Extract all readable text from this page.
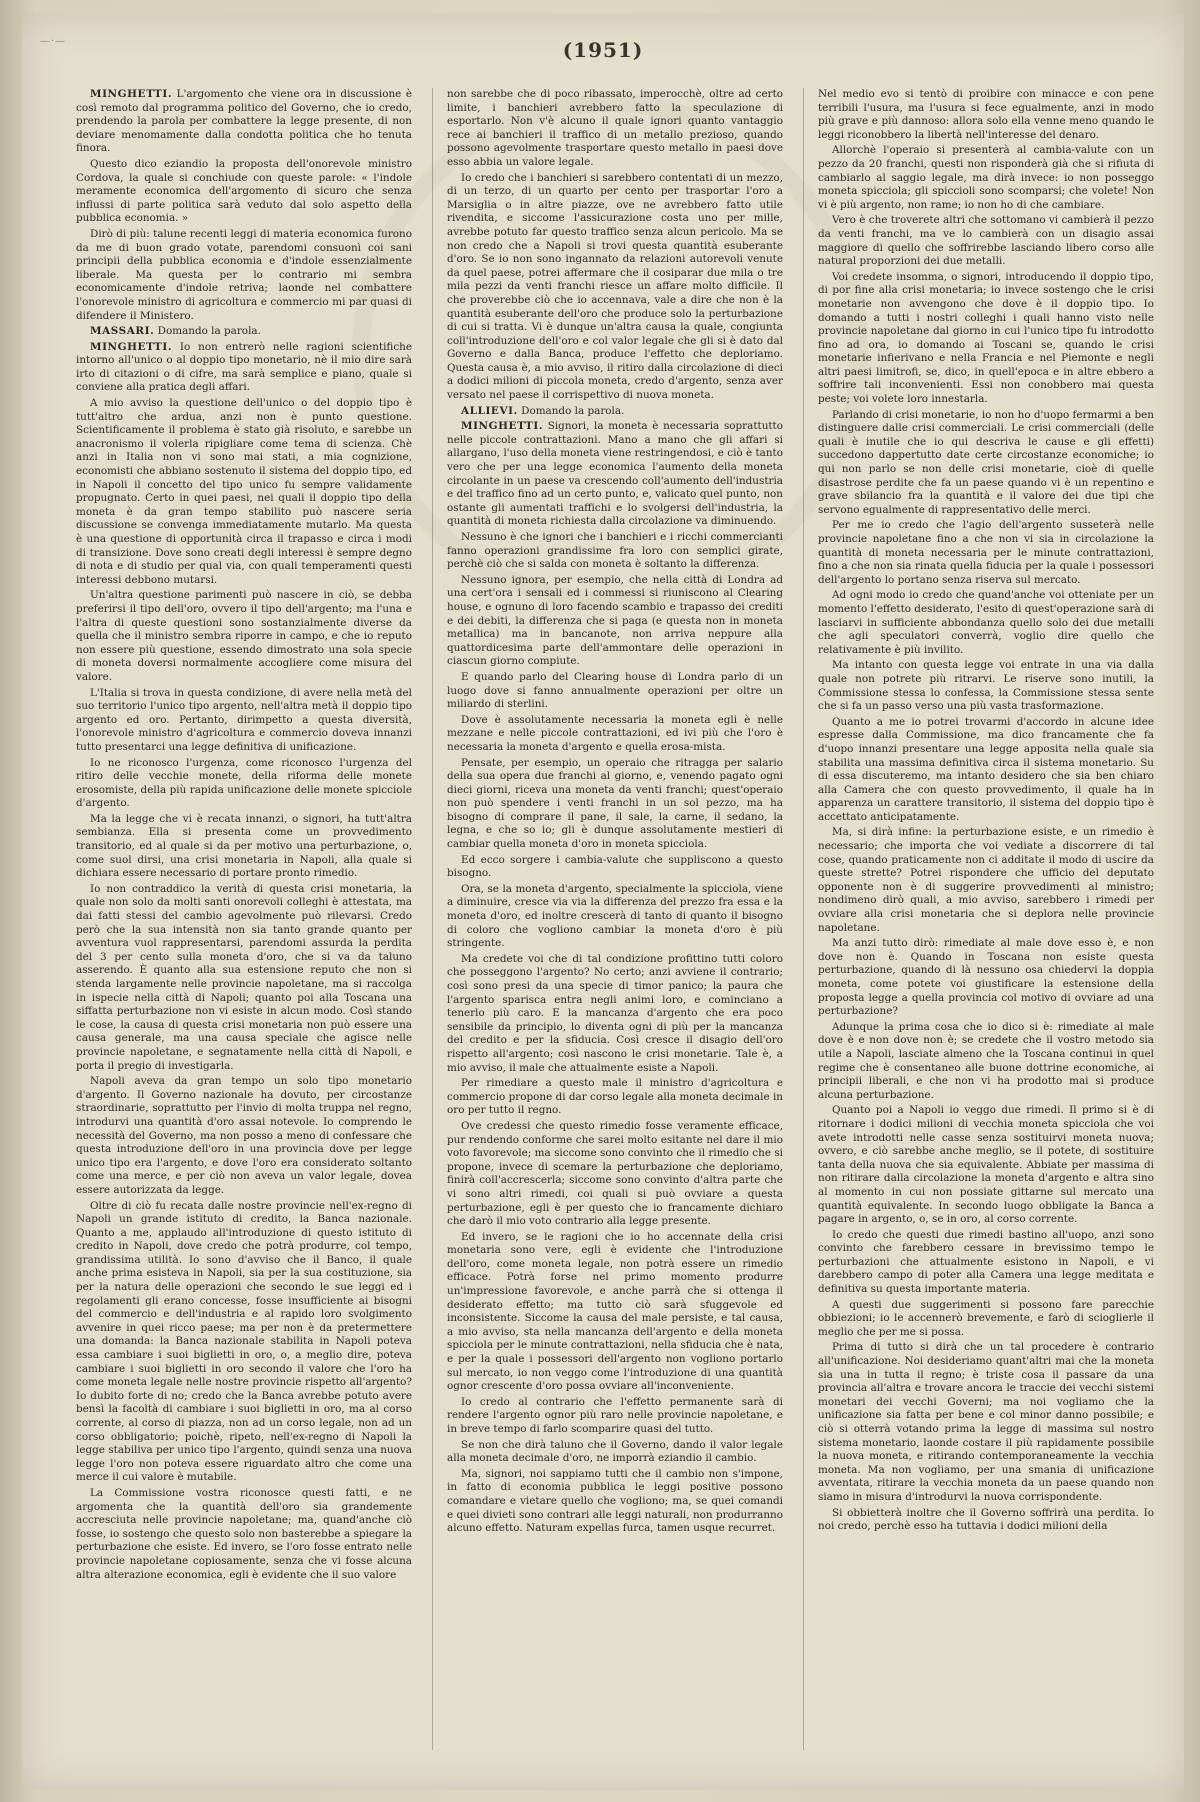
—·—	(1951)

MINGHETTI. L'argomento che viene ora in discussione è così remoto dal programma politico del Governo, che io credo, prendendo la parola per combattere la legge presente, di non deviare menomamente dalla condotta politica che ho tenuta finora.

Questo dico eziandio la proposta dell'onorevole ministro Cordova, la quale si conchiude con queste parole: « l'indole meramente economica dell'argomento di sicuro che senza influssi di parte politica sarà veduto dal solo aspetto della pubblica economia. »

Dirò di più: talune recenti leggi di materia economica furono da me di buon grado votate, parendomi consuonì coi sani principii della pubblica economia e d'indole essenzialmente liberale. Ma questa per lo contrario mi sembra economicamente d'indole retriva; laonde nel combattere l'onorevole ministro di agricoltura e commercio mi par quasi di difendere il Ministero.

MASSARI. Domando la parola.

MINGHETTI. Io non entrerò nelle ragioni scientifiche intorno all'unico o al doppio tipo monetario, nè il mio dire sarà irto di citazioni o di cifre, ma sarà semplice e piano, quale si conviene alla pratica degli affari.

A mio avviso la questione dell'unico o del doppio tipo è tutt'altro che ardua, anzi non è punto questione. Scientificamente il problema è stato già risoluto, e sarebbe un anacronismo il volerla ripigliare come tema di scienza. Chè anzi in Italia non vi sono mai stati, a mia cognizione, economisti che abbiano sostenuto il sistema del doppio tipo, ed in Napoli il concetto del tipo unico fu sempre validamente propugnato. Certo in quei paesi, nei quali il doppio tipo della moneta è da gran tempo stabilito può nascere seria discussione se convenga immediatamente mutarlo. Ma questa è una questione di opportunità circa il trapasso e circa i modi di transizione. Dove sono creati degli interessi è sempre degno di nota e di studio per qual via, con quali temperamenti questi interessi debbono mutarsi.

Un'altra questione parimenti può nascere in ciò, se debba preferirsi il tipo dell'oro, ovvero il tipo dell'argento; ma l'una e l'altra di queste questioni sono sostanzialmente diverse da quella che il ministro sembra riporre in campo, e che io reputo non essere più questione, essendo dimostrato una sola specie di moneta doversi normalmente accogliere come misura del valore.

L'Italia si trova in questa condizione, di avere nella metà del suo territorio l'unico tipo argento, nell'altra metà il doppio tipo argento ed oro. Pertanto, dirimpetto a questa diversità, l'onorevole ministro d'agricoltura e commercio doveva innanzi tutto presentarci una legge definitiva di unificazione.

Io ne riconosco l'urgenza, come riconosco l'urgenza del ritiro delle vecchie monete, della riforma delle monete erosomiste, della più rapida unificazione delle monete spicciole d'argento.

Ma la legge che vi è recata innanzi, o signori, ha tutt'altra sembianza. Ella si presenta come un provvedimento transitorio, ed al quale si da per motivo una perturbazione, o, come suol dirsi, una crisi monetaria in Napoli, alla quale si dichiara essere necessario di portare pronto rimedio.

Io non contraddico la verità di questa crisi monetaria, la quale non solo da molti santi onorevoli colleghi è attestata, ma dai fatti stessi del cambio agevolmente può rilevarsi. Credo però che la sua intensità non sia tanto grande quanto per avventura vuol rappresentarsi, parendomi assurda la perdita del 3 per cento sulla moneta d'oro, che si va da taluno asserendo. È quanto alla sua estensione reputo che non si stenda largamente nelle provincie napoletane, ma si raccolga in ispecie nella città di Napoli; quanto poi alla Toscana una siffatta perturbazione non vi esiste in alcun modo. Così stando le cose, la causa di questa crisi monetaria non può essere una causa generale, ma una causa speciale che agisce nelle provincie napoletane, e segnatamente nella città di Napoli, e porta il pregio di investigarla.

Napoli aveva da gran tempo un solo tipo monetario d'argento. Il Governo nazionale ha dovuto, per circostanze straordinarie, soprattutto per l'invio di molta truppa nel regno, introdurvi una quantità d'oro assai notevole. Io comprendo le necessità del Governo, ma non posso a meno di confessare che questa introduzione dell'oro in una provincia dove per legge unico tipo era l'argento, e dove l'oro era considerato soltanto come una merce, e per ciò non aveva un valor legale, dovea essere autorizzata da legge.

Oltre di ciò fu recata dalle nostre provincie nell'ex-regno di Napoli un grande istituto di credito, la Banca nazionale. Quanto a me, applaudo all'introduzione di questo istituto di credito in Napoli, dove credo che potrà produrre, col tempo, grandissima utilità. Io sono d'avviso che il Banco, il quale anche prima esisteva in Napoli, sia per la sua costituzione, sia per la natura delle operazioni che secondo le sue leggi ed i regolamenti gli erano concesse, fosse insufficiente ai bisogni del commercio e dell'industria e al rapido loro svolgimento avvenire in quei ricco paese; ma per non è da pretermettere una domanda: la Banca nazionale stabilita in Napoli poteva essa cambiare i suoi biglietti in oro, o, a meglio dire, poteva cambiare i suoi biglietti in oro secondo il valore che l'oro ha come moneta legale nelle nostre provincie rispetto all'argento? Io dubito forte di no; credo che la Banca avrebbe potuto avere bensì la facoltà di cambiare i suoi biglietti in oro, ma al corso corrente, al corso di piazza, non ad un corso legale, non ad un corso obbligatorio; poichè, ripeto, nell'ex-regno di Napoli la legge stabiliva per unico tipo l'argento, quindi senza una nuova legge l'oro non poteva essere riguardato altro che come una merce il cui valore è mutabile.

La Commissione vostra riconosce questi fatti, e ne argomenta che la quantità dell'oro sia grandemente accresciuta nelle provincie napoletane; ma, quand'anche ciò fosse, io sostengo che questo solo non basterebbe a spiegare la perturbazione che esiste. Ed invero, se l'oro fosse entrato nelle provincie napoletane copiosamente, senza che vi fosse alcuna altra alterazione economica, egli è evidente che il suo valore

non sarebbe che di poco ribassato, imperocchè, oltre ad certo limite, i banchieri avrebbero fatto la speculazione di esportarlo. Non v'è alcuno il quale ignori quanto vantaggio rece ai banchieri il traffico di un metallo prezioso, quando possono agevolmente trasportare questo metallo in paesi dove esso abbia un valore legale.

Io credo che i banchieri si sarebbero contentati di un mezzo, di un terzo, di un quarto per cento per trasportar l'oro a Marsiglia o in altre piazze, ove ne avrebbero fatto utile rivendita, e siccome l'assicurazione costa uno per mille, avrebbe potuto far questo traffico senza alcun pericolo. Ma se non credo che a Napoli si trovi questa quantità esuberante d'oro. Se io non sono ingannato da relazioni autorevoli venute da quel paese, potrei affermare che il cosiparar due mila o tre mila pezzi da venti franchi riesce un affare molto difficile. Il che proverebbe ciò che io accennava, vale a dire che non è la quantità esuberante dell'oro che produce solo la perturbazione di cui si tratta. Vi è dunque un'altra causa la quale, congiunta coll'introduzione dell'oro e col valor legale che gli si è dato dal Governo e dalla Banca, produce l'effetto che deploriamo. Questa causa è, a mio avviso, il ritiro dalla circolazione di dieci a dodici milioni di piccola moneta, credo d'argento, senza aver versato nel paese il corrispettivo di nuova moneta.

ALLIEVI. Domando la parola.

MINGHETTI. Signori, la moneta è necessaria soprattutto nelle piccole contrattazioni. Mano a mano che gli affari si allargano, l'uso della moneta viene restringendosi, e ciò è tanto vero che per una legge economica l'aumento della moneta circolante in un paese va crescendo coll'aumento dell'industria e del traffico fino ad un certo punto, e, valicato quel punto, non ostante gli aumentati traffichi e lo svolgersi dell'industria, la quantità di moneta richiesta dalla circolazione va diminuendo.

Nessuno è che ignori che i banchieri e i ricchi commercianti fanno operazioni grandissime fra loro con semplici girate, perchè ciò che si salda con moneta è soltanto la differenza.

Nessuno ignora, per esempio, che nella città di Londra ad una cert'ora i sensali ed i commessi si riuniscono al Clearing house, e ognuno di loro facendo scambio e trapasso dei crediti e dei debiti, la differenza che si paga (e questa non in moneta metallica) ma in bancanote, non arriva neppure alla quattordicesima parte dell'ammontare delle operazioni in ciascun giorno compiute.

E quando parlo del Clearing house di Londra parlo di un luogo dove si fanno annualmente operazioni per oltre un miliardo di sterlini.

Dove è assolutamente necessaria la moneta egli è nelle mezzane e nelle piccole contrattazioni, ed ivi più che l'oro è necessaria la moneta d'argento e quella erosa-mista.

Pensate, per esempio, un operaio che ritragga per salario della sua opera due franchi al giorno, e, venendo pagato ogni dieci giorni, riceva una moneta da venti franchi; quest'operaio non può spendere i venti franchi in un sol pezzo, ma ha bisogno di comprare il pane, il sale, la carne, il sedano, la legna, e che so io; gli è dunque assolutamente mestieri di cambiar quella moneta d'oro in moneta spicciola.

Ed ecco sorgere i cambia-valute che suppliscono a questo bisogno.

Ora, se la moneta d'argento, specialmente la spicciola, viene a diminuire, cresce via via la differenza del prezzo fra essa e la moneta d'oro, ed inoltre crescerà di tanto di quanto il bisogno di coloro che vogliono cambiar la moneta d'oro è più stringente.

Ma credete voi che di tal condizione profittino tutti coloro che posseggono l'argento? No certo; anzi avviene il contrario; così sono presi da una specie di timor panico; la paura che l'argento sparisca entra negli animi loro, e cominciano a tenerlo più caro. E la mancanza d'argento che era poco sensibile da principio, lo diventa ogni di più per la mancanza del credito e per la sfiducia. Così cresce il disagio dell'oro rispetto all'argento; così nascono le crisi monetarie. Tale è, a mio avviso, il male che attualmente esiste a Napoli.

Per rimediare a questo male il ministro d'agricoltura e commercio propone di dar corso legale alla moneta decimale in oro per tutto il regno.

Ove credessi che questo rimedio fosse veramente efficace, pur rendendo conforme che sarei molto esitante nel dare il mio voto favorevole; ma siccome sono convinto che il rimedio che si propone, invece di scemare la perturbazione che deploriamo, finirà coll'accrescerla; siccome sono convinto d'altra parte che vi sono altri rimedi, coi quali si può ovviare a questa perturbazione, egli è per questo che io francamente dichiaro che darò il mio voto contrario alla legge presente.

Ed invero, se le ragioni che io ho accennate della crisi monetaria sono vere, egli è evidente che l'introduzione dell'oro, come moneta legale, non potrà essere un rimedio efficace. Potrà forse nel primo momento produrre un'impressione favorevole, e anche parrà che si ottenga il desiderato effetto; ma tutto ciò sarà sfuggevole ed inconsistente. Siccome la causa del male persiste, e tal causa, a mio avviso, sta nella mancanza dell'argento e della moneta spicciola per le minute contrattazioni, nella sfiducia che è nata, e per la quale i possessori dell'argento non vogliono portarlo sul mercato, io non veggo come l'introduzione di una quantità ognor crescente d'oro possa ovviare all'inconveniente.

Io credo al contrario che l'effetto permanente sarà di rendere l'argento ognor più raro nelle provincie napoletane, e in breve tempo di farlo scomparire quasi del tutto.

Se non che dirà taluno che il Governo, dando il valor legale alla moneta decimale d'oro, ne imporrà eziandio il cambio.

Ma, signori, noi sappiamo tutti che il cambio non s'impone, in fatto di economia pubblica le leggi positive possono comandare e vietare quello che vogliono; ma, se quei comandi e quei divieti sono contrari alle leggi naturali, non produrranno alcuno effetto. Naturam expellas furca, tamen usque recurret.

Nel medio evo si tentò di proibire con minacce e con pene terribili l'usura, ma l'usura si fece egualmente, anzi in modo più grave e più dannoso: allora solo ella venne meno quando le leggi riconobbero la libertà nell'interesse del denaro.

Allorchè l'operaio si presenterà al cambia-valute con un pezzo da 20 franchi, questi non risponderà già che si rifiuta di cambiarlo al saggio legale, ma dirà invece: io non posseggo moneta spicciola; gli spiccioli sono scomparsi; che volete! Non vi è più argento, non rame; io non ho di che cambiare.

Vero è che troverete altri che sottomano vi cambierà il pezzo da venti franchi, ma ve lo cambierà con un disagio assai maggiore di quello che soffrirebbe lasciando libero corso alle natural proporzioni dei due metalli.

Voi credete insomma, o signori, introducendo il doppio tipo, di por fine alla crisi monetaria; io invece sostengo che le crisi monetarie non avvengono che dove è il doppio tipo. Io domando a tutti i nostri colleghi i quali hanno visto nelle provincie napoletane dal giorno in cui l'unico tipo fu introdotto fino ad ora, io domando ai Toscani se, quando le crisi monetarie infierivano e nella Francia e nel Piemonte e negli altri paesi limitrofi, se, dico, in quell'epoca e in altre ebbero a soffrire tali inconvenienti. Essi non conobbero mai questa peste; voi volete loro innestarla.

Parlando di crisi monetarie, io non ho d'uopo fermarmi a ben distinguere dalle crisi commerciali. Le crisi commerciali (delle quali è inutile che io qui descriva le cause e gli effetti) succedono dappertutto date certe circostanze economiche; io qui non parlo se non delle crisi monetarie, cioè di quelle disastrose perdite che fa un paese quando vi è un repentino e grave sbilancio fra la quantità e il valore dei due tipi che servono egualmente di rappresentativo delle merci.

Per me io credo che l'agio dell'argento susseterà nelle provincie napoletane fino a che non vi sia in circolazione la quantità di moneta necessaria per le minute contrattazioni, fino a che non sia rinata quella fiducia per la quale i possessori dell'argento lo portano senza riserva sul mercato.

Ad ogni modo io credo che quand'anche voi otteniate per un momento l'effetto desiderato, l'esito di quest'operazione sarà di lasciarvi in sufficiente abbondanza quello solo dei due metalli che agli speculatori converrà, voglio dire quello che relativamente è più invilito.

Ma intanto con questa legge voi entrate in una via dalla quale non potrete più ritrarvi. Le riserve sono inutili, la Commissione stessa lo confessa, la Commissione stessa sente che si fa un passo verso una più vasta trasformazione.

Quanto a me io potrei trovarmi d'accordo in alcune idee espresse dalla Commissione, ma dico francamente che fa d'uopo innanzi presentare una legge apposita nella quale sia stabilita una massima definitiva circa il sistema monetario. Su di essa discuteremo, ma intanto desidero che sia ben chiaro alla Camera che con questo provvedimento, il quale ha in apparenza un carattere transitorio, il sistema del doppio tipo è accettato anticipatamente.

Ma, si dirà infine: la perturbazione esiste, e un rimedio è necessario; che importa che voi vediate a discorrere di tal cose, quando praticamente non ci additate il modo di uscire da queste strette? Potrei rispondere che ufficio del deputato opponente non è di suggerire provvedimenti al ministro; nondimeno dirò quali, a mio avviso, sarebbero i rimedi per ovviare alla crisi monetaria che si deplora nelle provincie napoletane.

Ma anzi tutto dirò: rimediate al male dove esso è, e non dove non è. Quando in Toscana non esiste questa perturbazione, quando di là nessuno osa chiedervi la doppia moneta, come potete voi giustificare la estensione della proposta legge a quella provincia col motivo di ovviare ad una perturbazione?

Adunque la prima cosa che io dico si è: rimediate al male dove è e non dove non è; se credete che il vostro metodo sia utile a Napoli, lasciate almeno che la Toscana continui in quel regime che è consentaneo alle buone dottrine economiche, ai principii liberali, e che non vi ha prodotto mai si produce alcuna perturbazione.

Quanto poi a Napoli io veggo due rimedi. Il primo si è di ritornare i dodici milioni di vecchia moneta spicciola che voi avete introdotti nelle casse senza sostituirvi moneta nuova; ovvero, e ciò sarebbe anche meglio, se il potete, di sostituire tanta della nuova che sia equivalente. Abbiate per massima di non ritirare dalla circolazione la moneta d'argento e altra sino al momento in cui non possiate gittarne sul mercato una quantità equivalente. In secondo luogo obbligate la Banca a pagare in argento, o, se in oro, al corso corrente.

Io credo che questi due rimedi bastino all'uopo, anzi sono convinto che farebbero cessare in brevissimo tempo le perturbazioni che attualmente esistono in Napoli, e vi darebbero campo di poter alla Camera una legge meditata e definitiva su questa importante materia.

A questi due suggerimenti si possono fare parecchie obbiezioni; io le accennerò brevemente, e farò di scioglierle il meglio che per me si possa.

Prima di tutto si dirà che un tal procedere è contrario all'unificazione. Noi desideriamo quant'altri mai che la moneta sia una in tutta il regno; è triste cosa il passare da una provincia all'altra e trovare ancora le traccie dei vecchi sistemi monetari dei vecchi Governi; ma noi vogliamo che la unificazione sia fatta per bene e col minor danno possibile; e ciò si otterrà votando prima la legge di massima sul nostro sistema monetario, laonde costare il più rapidamente possibile la nuova moneta, e ritirando contemporaneamente la vecchia moneta. Ma non vogliamo, per una smania di unificazione avventata, ritirare la vecchia moneta da un paese quando non siamo in misura d'introdurvi la nuova corrispondente.

Si obbietterà inoltre che il Governo soffrirà una perdita. Io noi credo, perchè esso ha tuttavia i dodici milioni della
